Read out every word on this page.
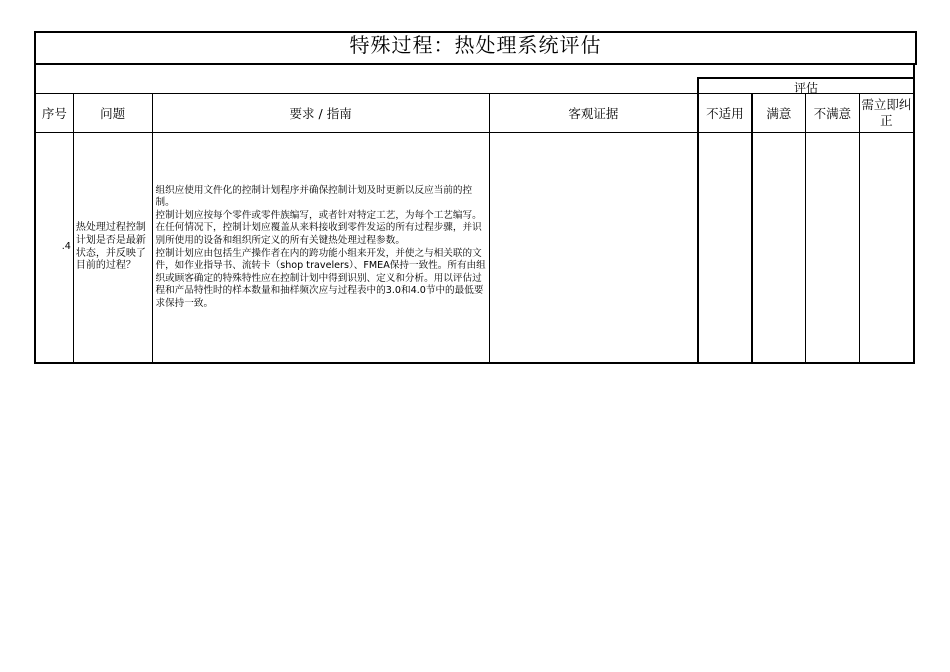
特殊过程：热处理系统评估
评估
序号	问题	要求 / 指南	客观证据	不适用	满意	不满意	需立即纠正
.4	热处理过程控制计划是否是最新状态，并反映了目前的过程？	组织应使用文件化的控制计划程序并确保控制计划及时更新以反应当前的控制。
控制计划应按每个零件或零件族编写，或者针对特定工艺，为每个工艺编写。在任何情况下，控制计划应覆盖从来料接收到零件发运的所有过程步骤，并识别所使用的设备和组织所定义的所有关键热处理过程参数。
控制计划应由包括生产操作者在内的跨功能小组来开发，并使之与相关联的文件，如作业指导书、流转卡（shop travelers）、FMEA保持一致性。所有由组织或顾客确定的特殊特性应在控制计划中得到识别、定义和分析。用以评估过程和产品特性时的样本数量和抽样频次应与过程表中的3.0和4.0节中的最低要求保持一致。					
